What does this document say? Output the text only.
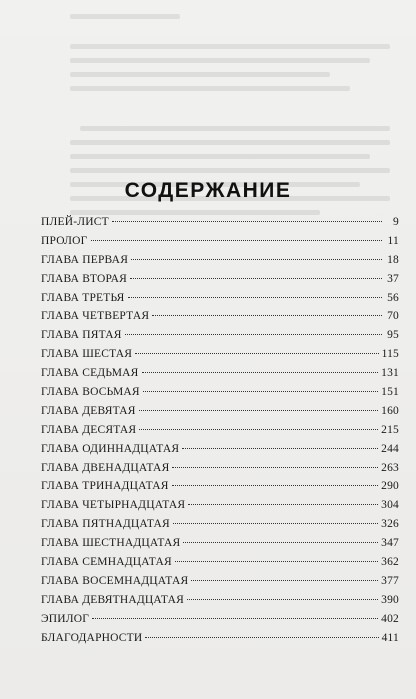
СОДЕРЖАНИЕ
ПЛЕЙ-ЛИСТ	9
ПРОЛОГ	11
ГЛАВА ПЕРВАЯ	18
ГЛАВА ВТОРАЯ	37
ГЛАВА ТРЕТЬЯ	56
ГЛАВА ЧЕТВЕРТАЯ	70
ГЛАВА ПЯТАЯ	95
ГЛАВА ШЕСТАЯ	115
ГЛАВА СЕДЬМАЯ	131
ГЛАВА ВОСЬМАЯ	151
ГЛАВА ДЕВЯТАЯ	160
ГЛАВА ДЕСЯТАЯ	215
ГЛАВА ОДИННАДЦАТАЯ	244
ГЛАВА ДВЕНАДЦАТАЯ	263
ГЛАВА ТРИНАДЦАТАЯ	290
ГЛАВА ЧЕТЫРНАДЦАТАЯ	304
ГЛАВА ПЯТНАДЦАТАЯ	326
ГЛАВА ШЕСТНАДЦАТАЯ	347
ГЛАВА СЕМНАДЦАТАЯ	362
ГЛАВА ВОСЕМНАДЦАТАЯ	377
ГЛАВА ДЕВЯТНАДЦАТАЯ	390
ЭПИЛОГ	402
БЛАГОДАРНОСТИ	411
